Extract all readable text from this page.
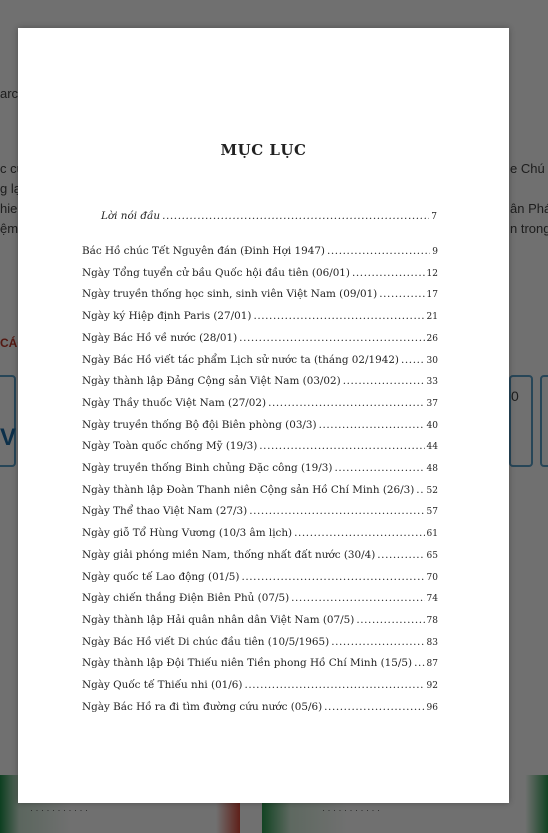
MỤC LỤC
Lời nói đầu .....	7
Bác Hồ chúc Tết Nguyên đán (Đinh Hợi 1947) .....	9
Ngày Tổng tuyển cử bầu Quốc hội đầu tiên (06/01) .....	12
Ngày truyền thống học sinh, sinh viên Việt Nam (09/01) .....	17
Ngày ký Hiệp định Paris (27/01) .....	21
Ngày Bác Hồ về nước (28/01) .....	26
Ngày Bác Hồ viết tác phẩm Lịch sử nước ta (tháng 02/1942) .....	30
Ngày thành lập Đảng Cộng sản Việt Nam (03/02) .....	33
Ngày Thầy thuốc Việt Nam (27/02) .....	37
Ngày truyền thống Bộ đội Biên phòng (03/3) .....	40
Ngày Toàn quốc chống Mỹ (19/3) .....	44
Ngày truyền thống Binh chủng Đặc công (19/3) .....	48
Ngày thành lập Đoàn Thanh niên Cộng sản Hồ Chí Minh (26/3) ..... 52
Ngày Thể thao Việt Nam (27/3) .....	57
Ngày giỗ Tổ Hùng Vương (10/3 âm lịch) .....	61
Ngày giải phóng miền Nam, thống nhất đất nước (30/4) .....	65
Ngày quốc tế Lao động (01/5) .....	70
Ngày chiến thắng Điện Biên Phủ (07/5) .....	74
Ngày thành lập Hải quân nhân dân Việt Nam (07/5) .....	78
Ngày Bác Hồ viết Di chúc đầu tiên (10/5/1965) .....	83
Ngày thành lập Đội Thiếu niên Tiền phong Hồ Chí Minh (15/5) ..... 87
Ngày Quốc tế Thiếu nhi (01/6) .....	92
Ngày Bác Hồ ra đi tìm đường cứu nước (05/6) .....	96
